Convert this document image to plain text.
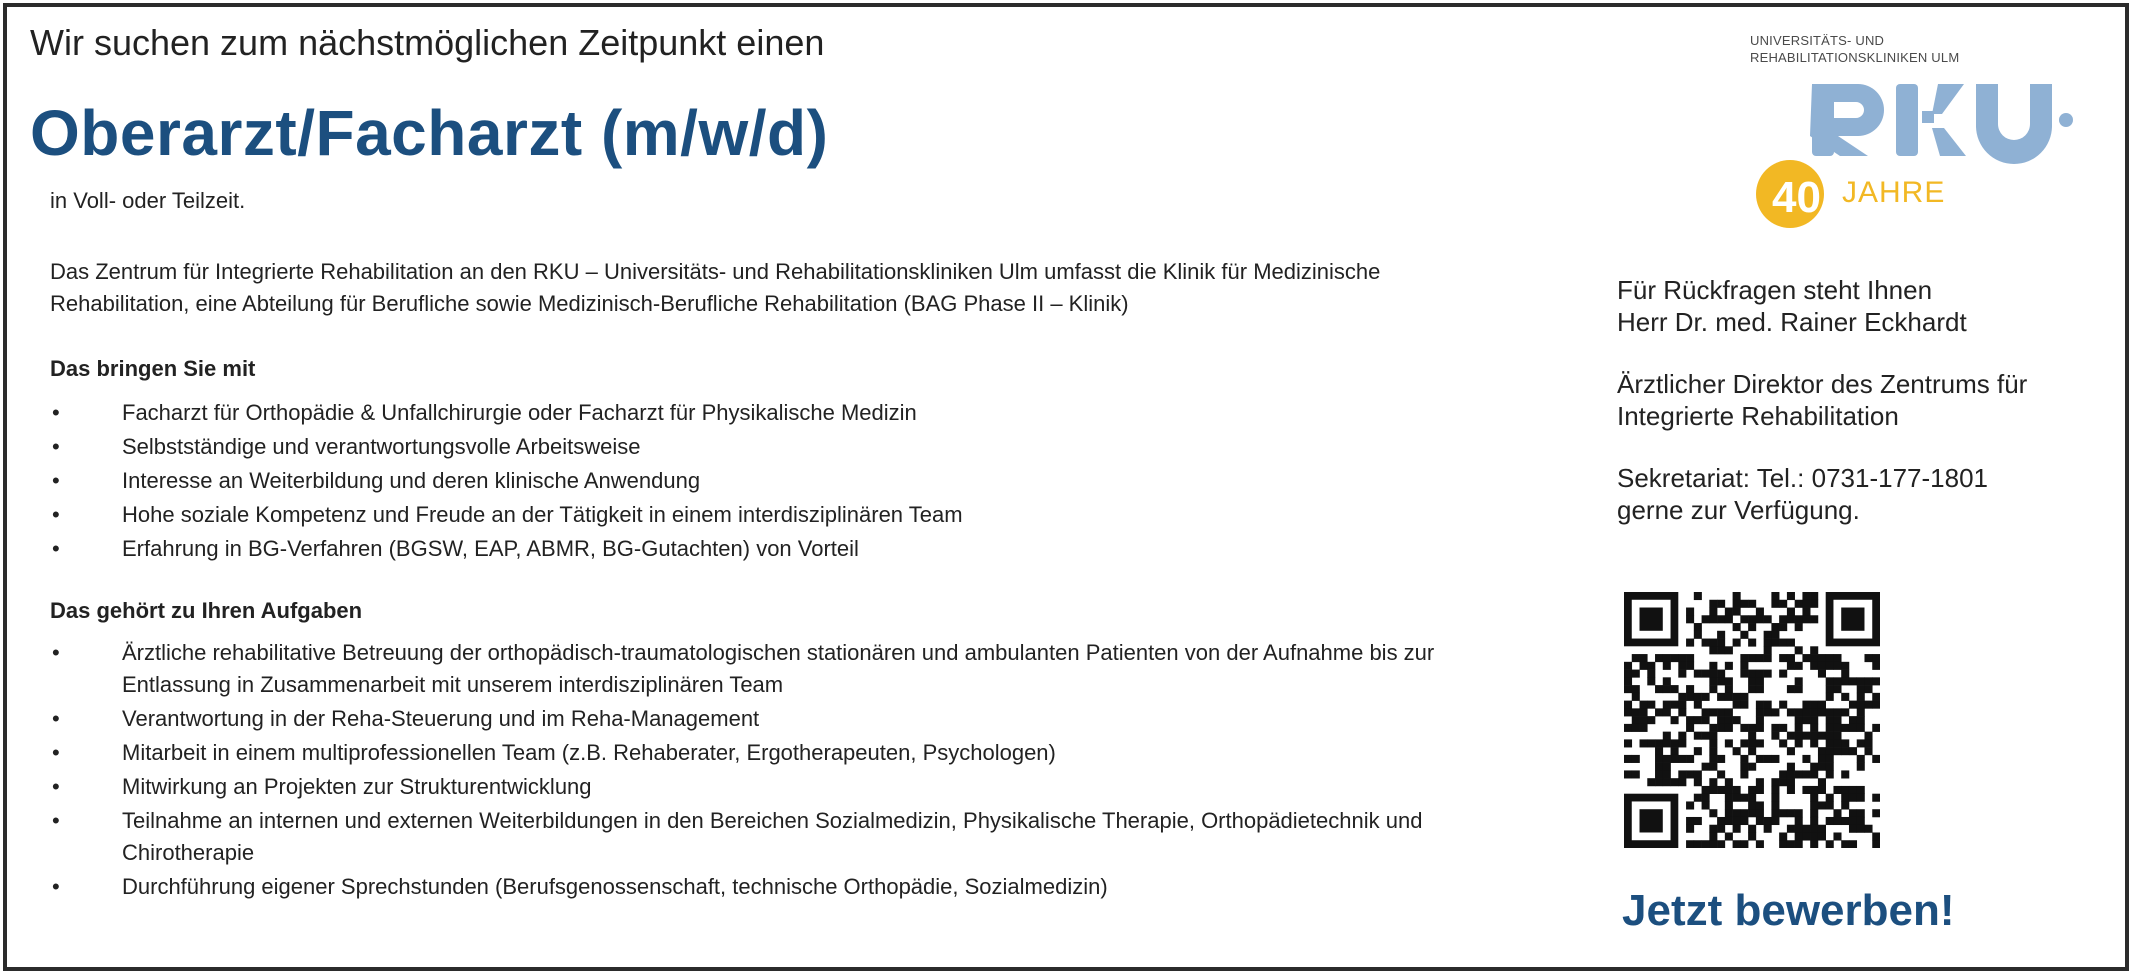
Wir suchen zum nächstmöglichen Zeitpunkt einen
Oberarzt/Facharzt (m/w/d)
in Voll- oder Teilzeit.
Das Zentrum für Integrierte Rehabilitation an den RKU – Universitäts- und Rehabilitationskliniken Ulm umfasst die Klinik für Medizinische Rehabilitation, eine Abteilung für Berufliche sowie Medizinisch-Berufliche Rehabilitation (BAG Phase II – Klinik)
Das bringen Sie mit
•	Facharzt für Orthopädie & Unfallchirurgie oder Facharzt für Physikalische Medizin
•	Selbstständige und verantwortungsvolle Arbeitsweise
•	Interesse an Weiterbildung und deren klinische Anwendung
•	Hohe soziale Kompetenz und Freude an der Tätigkeit in einem interdisziplinären Team
•	Erfahrung in BG-Verfahren (BGSW, EAP, ABMR, BG-Gutachten) von Vorteil
Das gehört zu Ihren Aufgaben
•	Ärztliche rehabilitative Betreuung der orthopädisch-traumatologischen stationären und ambulanten Patienten von der Aufnahme bis zur Entlassung in Zusammenarbeit mit unserem interdisziplinären Team
•	Verantwortung in der Reha-Steuerung und im Reha-Management
•	Mitarbeit in einem multiprofessionellen Team (z.B. Rehaberater, Ergotherapeuten, Psychologen)
•	Mitwirkung an Projekten zur Strukturentwicklung
•	Teilnahme an internen und externen Weiterbildungen in den Bereichen Sozialmedizin, Physikalische Therapie, Orthopädietechnik und Chirotherapie
•	Durchführung eigener Sprechstunden (Berufsgenossenschaft, technische Orthopädie, Sozialmedizin)
UNIVERSITÄTS- UND
REHABILITATIONSKLINIKEN ULM
40 JAHRE

Für Rückfragen steht Ihnen
Herr Dr. med. Rainer Eckhardt

Ärztlicher Direktor des Zentrums für
Integrierte Rehabilitation

Sekretariat: Tel.: 0731-177-1801
gerne zur Verfügung.

Jetzt bewerben!
